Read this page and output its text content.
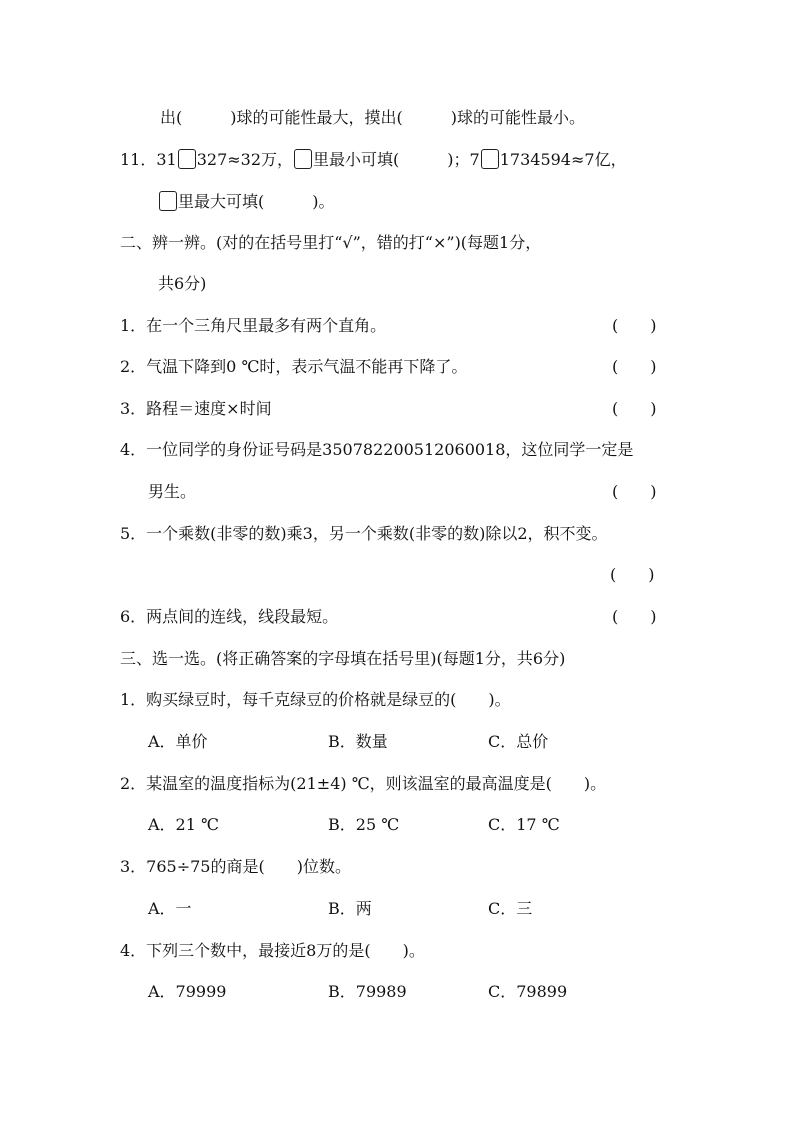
出(　　　)球的可能性最大，摸出(　　　)球的可能性最小。
11．31 327≈32万， 里最小可填(　　　)；7 1734594≈7亿，
里最大可填(　　　)。
二、辨一辨。(对的在括号里打“√”，错的打“×”)(每题1分，
共6分)
1．在一个三角尺里最多有两个直角。	(　　)
2．气温下降到0 ℃时，表示气温不能再下降了。	(　　)
3．路程＝速度×时间	(　　)
4．一位同学的身份证号码是350782200512060018，这位同学一定是
男生。	(　　)
5．一个乘数(非零的数)乘3，另一个乘数(非零的数)除以2，积不变。
(　　)
6．两点间的连线，线段最短。	(　　)
三、选一选。(将正确答案的字母填在括号里)(每题1分，共6分)
1．购买绿豆时，每千克绿豆的价格就是绿豆的(　　)。
A．单价	B．数量	C．总价
2．某温室的温度指标为(21±4) ℃，则该温室的最高温度是(　　)。
A．21 ℃	B．25 ℃	C．17 ℃
3．765÷75的商是(　　)位数。
A．一	B．两	C．三
4．下列三个数中，最接近8万的是(　　)。
A．79999	B．79989	C．79899
